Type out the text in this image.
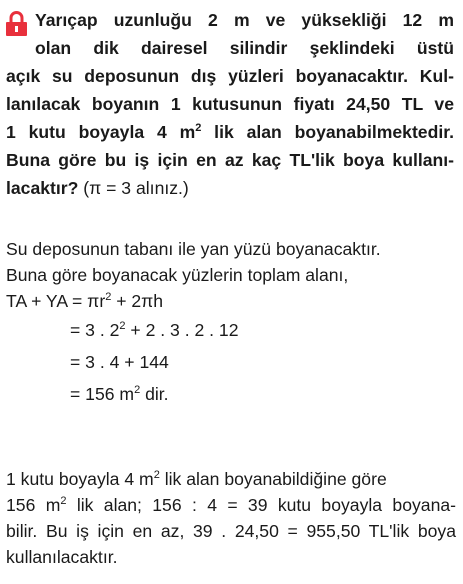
Yarıçap uzunluğu 2 m ve yüksekliği 12 m
olan dik dairesel silindir şeklindeki üstü
açık su deposunun dış yüzleri boyanacaktır. Kul-
lanılacak boyanın 1 kutusunun fiyatı 24,50 TL ve
1 kutu boyayla 4 $m^2$ lik alan boyanabilmektedir.
Buna göre bu iş için en az kaç TL'lik boya kullanı-
lacaktır? (π = 3 alınız.)
Su deposunun tabanı ile yan yüzü boyanacaktır.
Buna göre boyanacak yüzlerin toplam alanı,
TA + YA = $\pi r^2 + 2\pi h$
= 3 . $2^2 + 2$ . 3 . 2 . 12
= 3 . 4 + 144
= 156 $m^2$ dir.
1 kutu boyayla 4 $m^2$ lik alan boyanabildiğine göre
156 $m^2$ lik alan; 156 : 4 = 39 kutu boyayla boyana-
bilir. Bu iş için en az, 39 . 24,50 = 955,50 TL'lik boya
kullanılacaktır.
